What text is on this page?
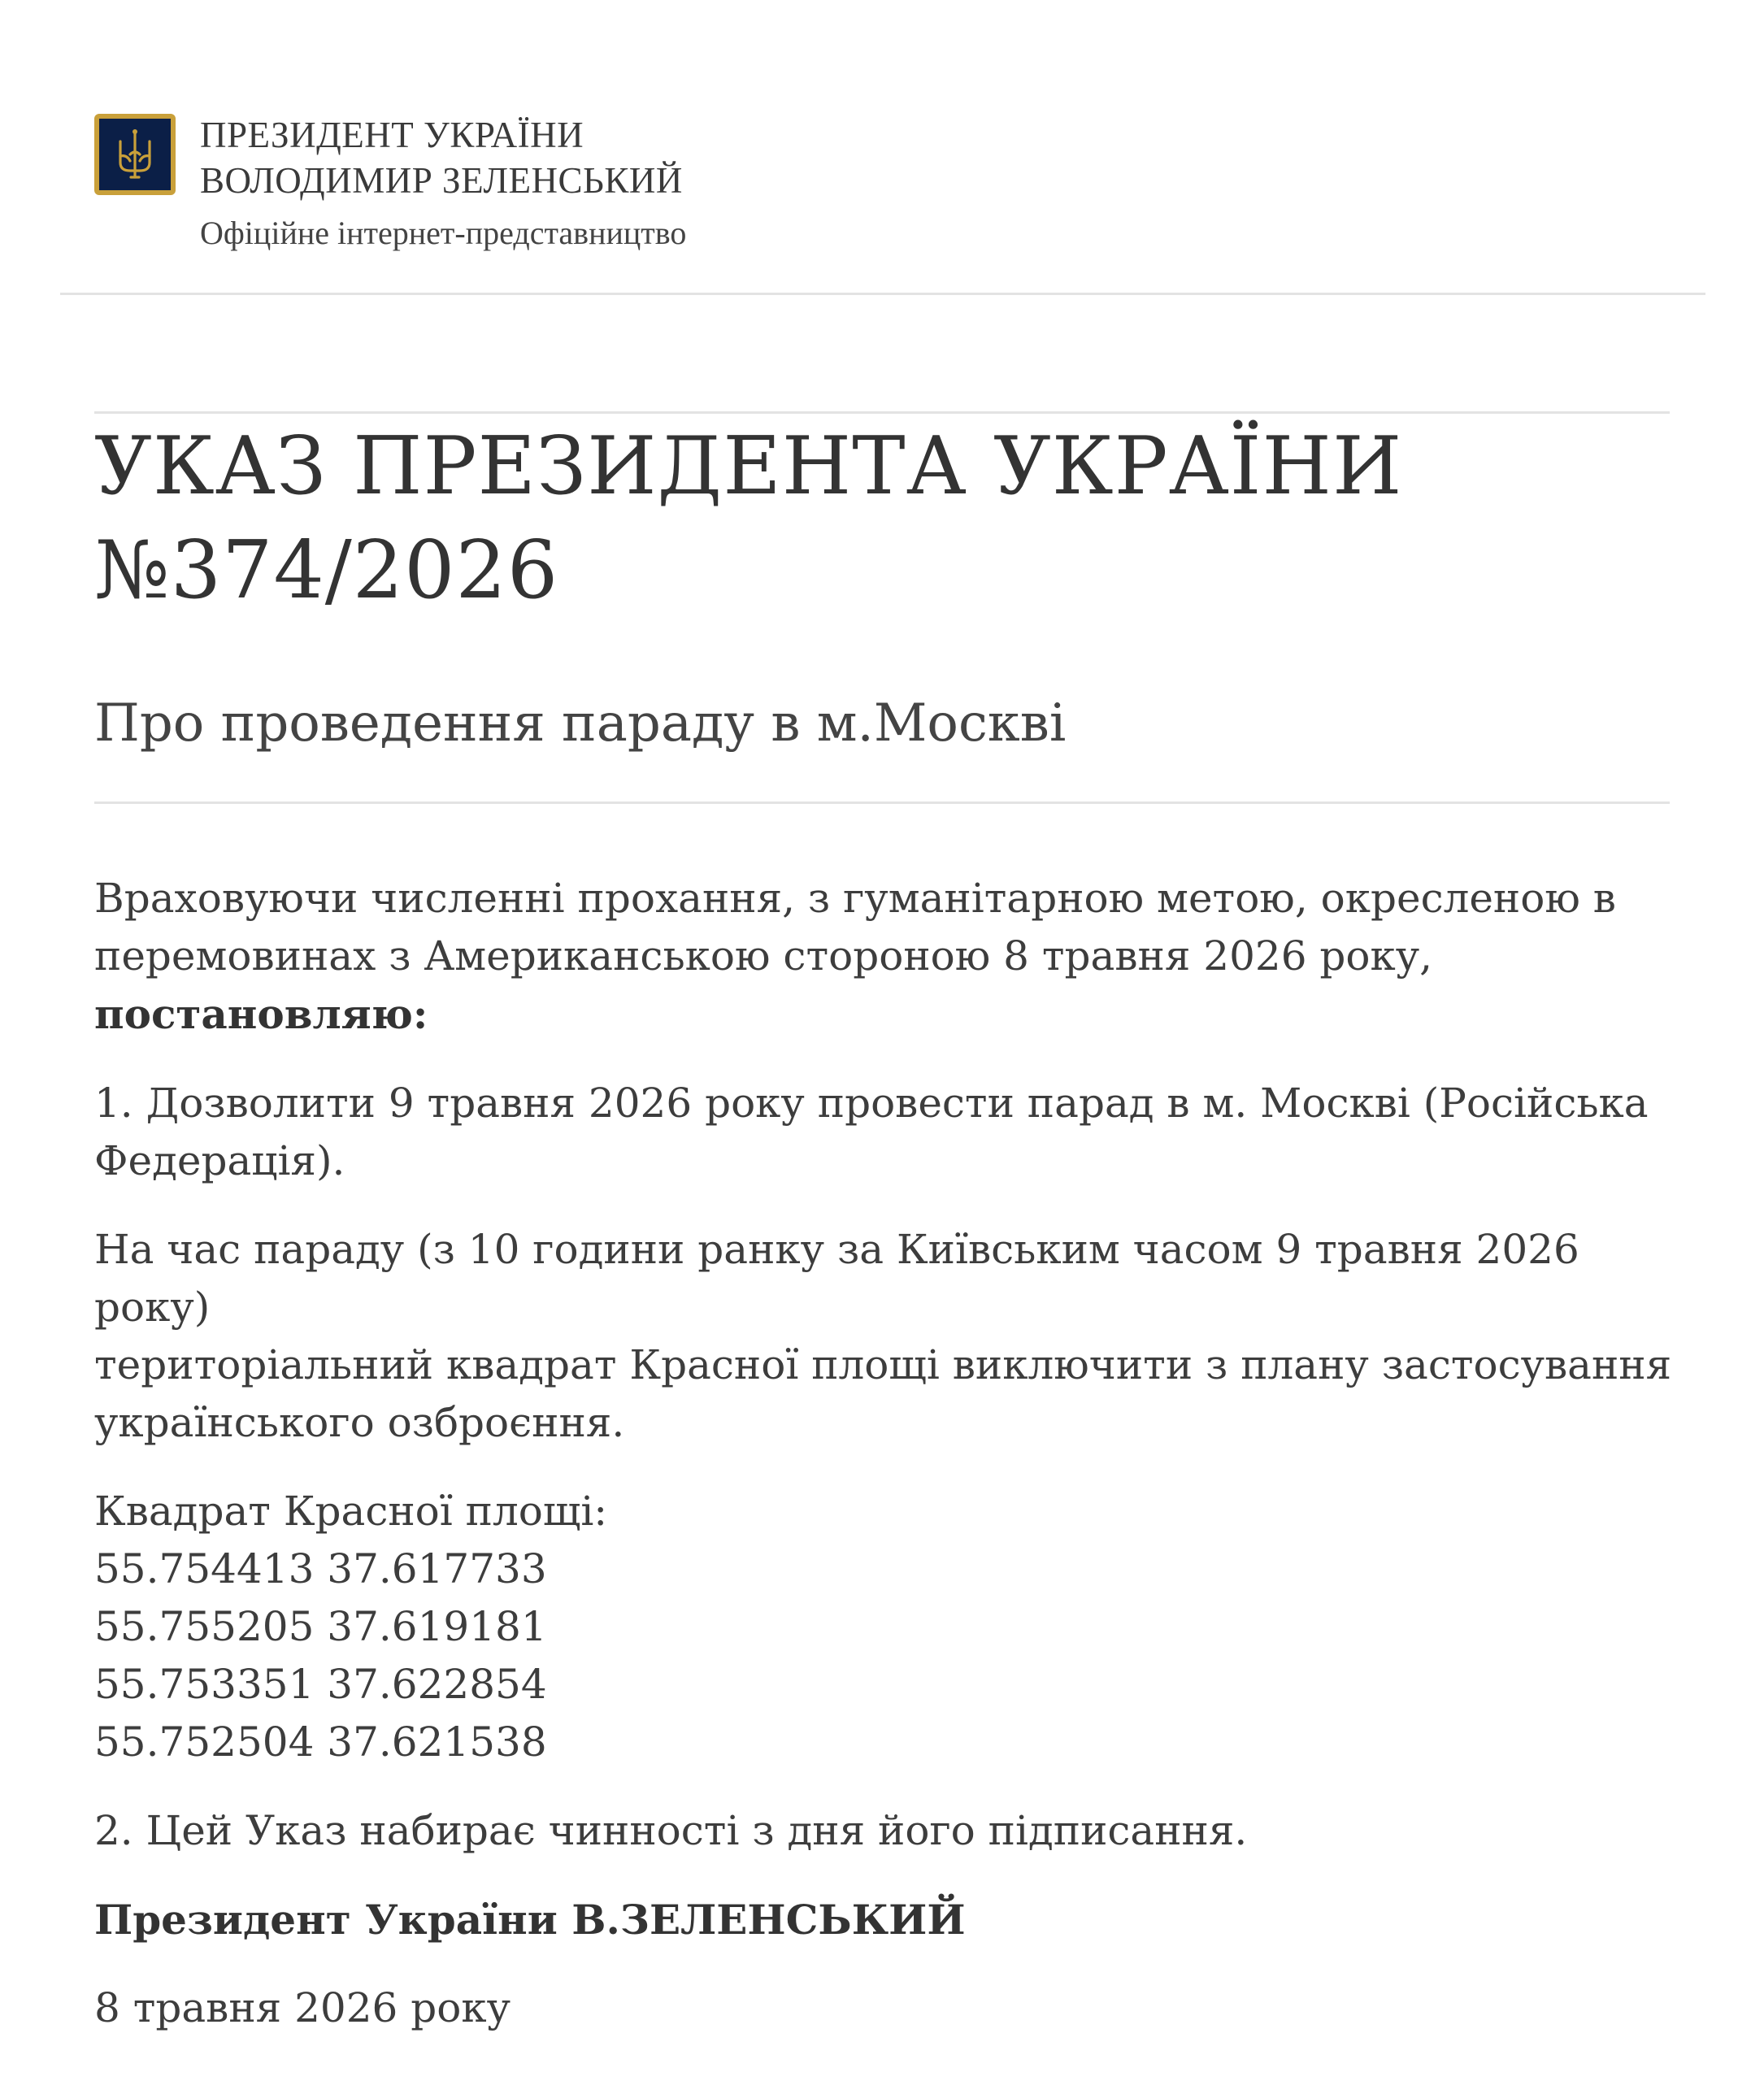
ПРЕЗИДЕНТ УКРАЇНИ
ВОЛОДИМИР ЗЕЛЕНСЬКИЙ
Офіційне інтернет-представництво
УКАЗ ПРЕЗИДЕНТА УКРАЇНИ
№374/2026
Про проведення параду в м.Москві

Враховуючи численні прохання, з гуманітарною метою, окресленою в
перемовинах з Американською стороною 8 травня 2026 року,
постановляю:

1. Дозволити 9 травня 2026 року провести парад в м. Москві (Російська
Федерація).

На час параду (з 10 години ранку за Київським часом 9 травня 2026 року)
територіальний квадрат Красної площі виключити з плану застосування
українського озброєння.

Квадрат Красної площі:
55.754413 37.617733
55.755205 37.619181
55.753351 37.622854
55.752504 37.621538

2. Цей Указ набирає чинності з дня його підписання.

Президент України В.ЗЕЛЕНСЬКИЙ

8 травня 2026 року
